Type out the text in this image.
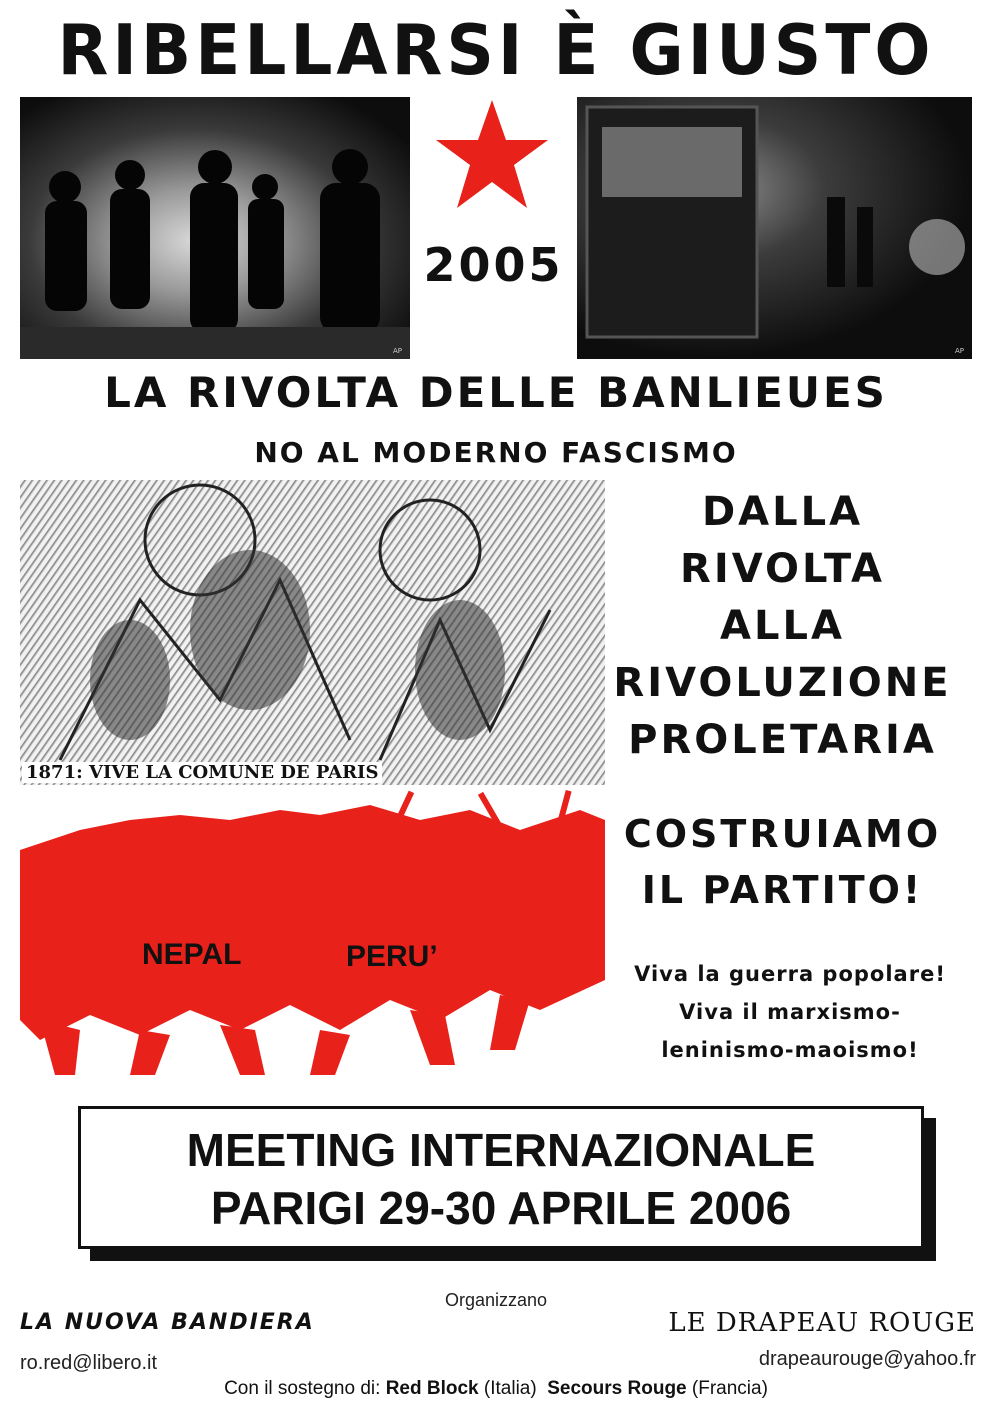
RIBELLARSI È GIUSTO
AP
2005
AP
LA RIVOLTA DELLE BANLIEUES
NO AL MODERNO FASCISMO
1871: VIVE LA COMUNE DE PARIS
DALLA
RIVOLTA
ALLA
RIVOLUZIONE
PROLETARIA
NEPAL	PERU’
COSTRUIAMO
IL PARTITO!
Viva la guerra popolare!
Viva il marxismo-
leninismo-maoismo!
MEETING INTERNAZIONALE
PARIGI 29-30 APRILE 2006
Organizzano
LA NUOVA BANDIERA	LE DRAPEAU ROUGE
ro.red@libero.it	drapeaurouge@yahoo.fr
Con il sostegno di: Red Block (Italia) Secours Rouge (Francia)
